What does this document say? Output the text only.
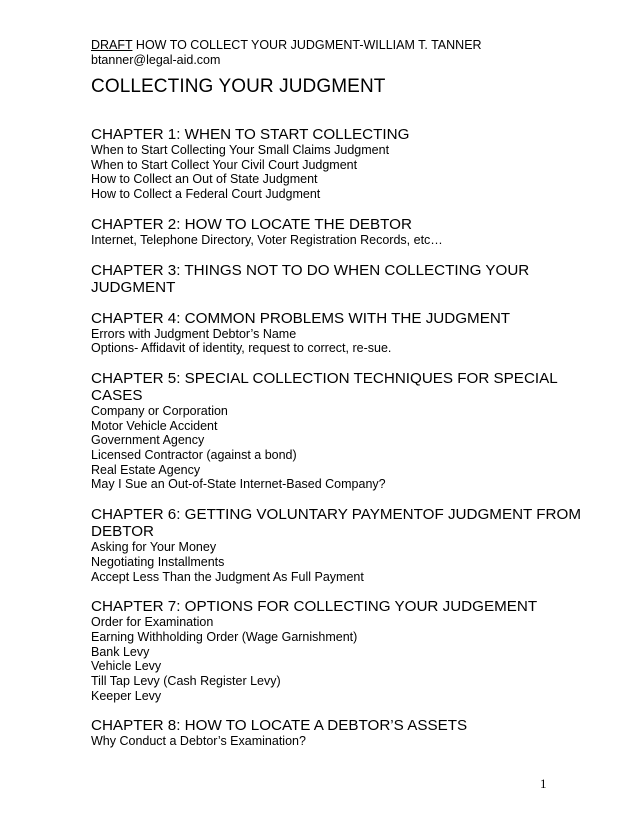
DRAFT HOW TO COLLECT YOUR JUDGMENT-WILLIAM T. TANNER
btanner@legal-aid.com
COLLECTING YOUR JUDGMENT
CHAPTER 1: WHEN TO START COLLECTING
When to Start Collecting Your Small Claims Judgment
When to Start Collect Your Civil Court Judgment
How to Collect an Out of State Judgment
How to Collect a Federal Court Judgment
CHAPTER 2: HOW TO LOCATE THE DEBTOR
Internet, Telephone Directory, Voter Registration Records, etc…
CHAPTER 3: THINGS NOT TO DO WHEN COLLECTING YOUR JUDGMENT
CHAPTER 4: COMMON PROBLEMS WITH THE JUDGMENT
Errors with Judgment Debtor’s Name
Options- Affidavit of identity, request to correct, re-sue.
CHAPTER 5: SPECIAL COLLECTION TECHNIQUES FOR SPECIAL CASES
Company or Corporation
Motor Vehicle Accident
Government Agency
Licensed Contractor (against a bond)
Real Estate Agency
May I Sue an Out-of-State Internet-Based Company?
CHAPTER 6: GETTING VOLUNTARY PAYMENTOF JUDGMENT FROM DEBTOR
Asking for Your Money
Negotiating Installments
Accept Less Than the Judgment As Full Payment
CHAPTER 7: OPTIONS FOR COLLECTING YOUR JUDGEMENT
Order for Examination
Earning Withholding Order (Wage Garnishment)
Bank Levy
Vehicle Levy
Till Tap Levy (Cash Register Levy)
Keeper Levy
CHAPTER 8: HOW TO LOCATE A DEBTOR’S ASSETS
Why Conduct a Debtor’s Examination?
1
